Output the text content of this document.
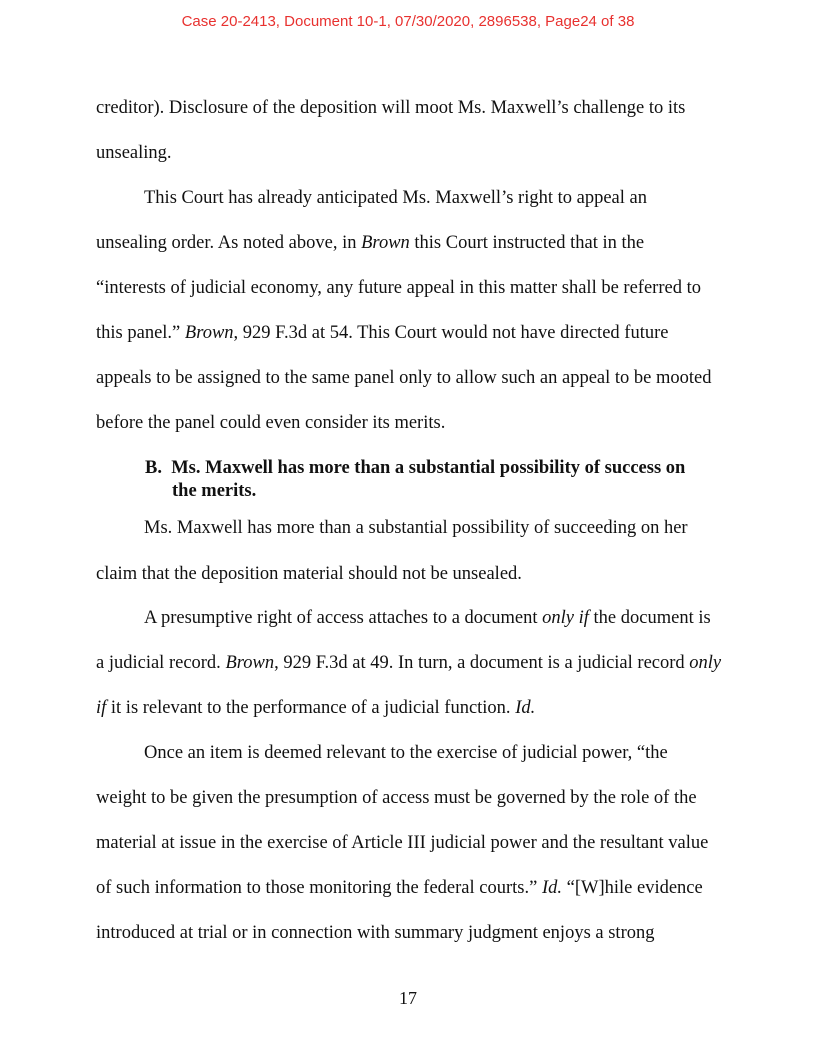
Case 20-2413, Document 10-1, 07/30/2020, 2896538, Page24 of 38
creditor). Disclosure of the deposition will moot Ms. Maxwell’s challenge to its
unsealing.
This Court has already anticipated Ms. Maxwell’s right to appeal an
unsealing order. As noted above, in Brown this Court instructed that in the
“interests of judicial economy, any future appeal in this matter shall be referred to
this panel.” Brown, 929 F.3d at 54. This Court would not have directed future
appeals to be assigned to the same panel only to allow such an appeal to be mooted
before the panel could even consider its merits.
B.  Ms. Maxwell has more than a substantial possibility of success on
the merits.
Ms. Maxwell has more than a substantial possibility of succeeding on her
claim that the deposition material should not be unsealed.
A presumptive right of access attaches to a document only if the document is
a judicial record. Brown, 929 F.3d at 49. In turn, a document is a judicial record only
if it is relevant to the performance of a judicial function. Id.
Once an item is deemed relevant to the exercise of judicial power, “the
weight to be given the presumption of access must be governed by the role of the
material at issue in the exercise of Article III judicial power and the resultant value
of such information to those monitoring the federal courts.” Id. “[W]hile evidence
introduced at trial or in connection with summary judgment enjoys a strong
17
